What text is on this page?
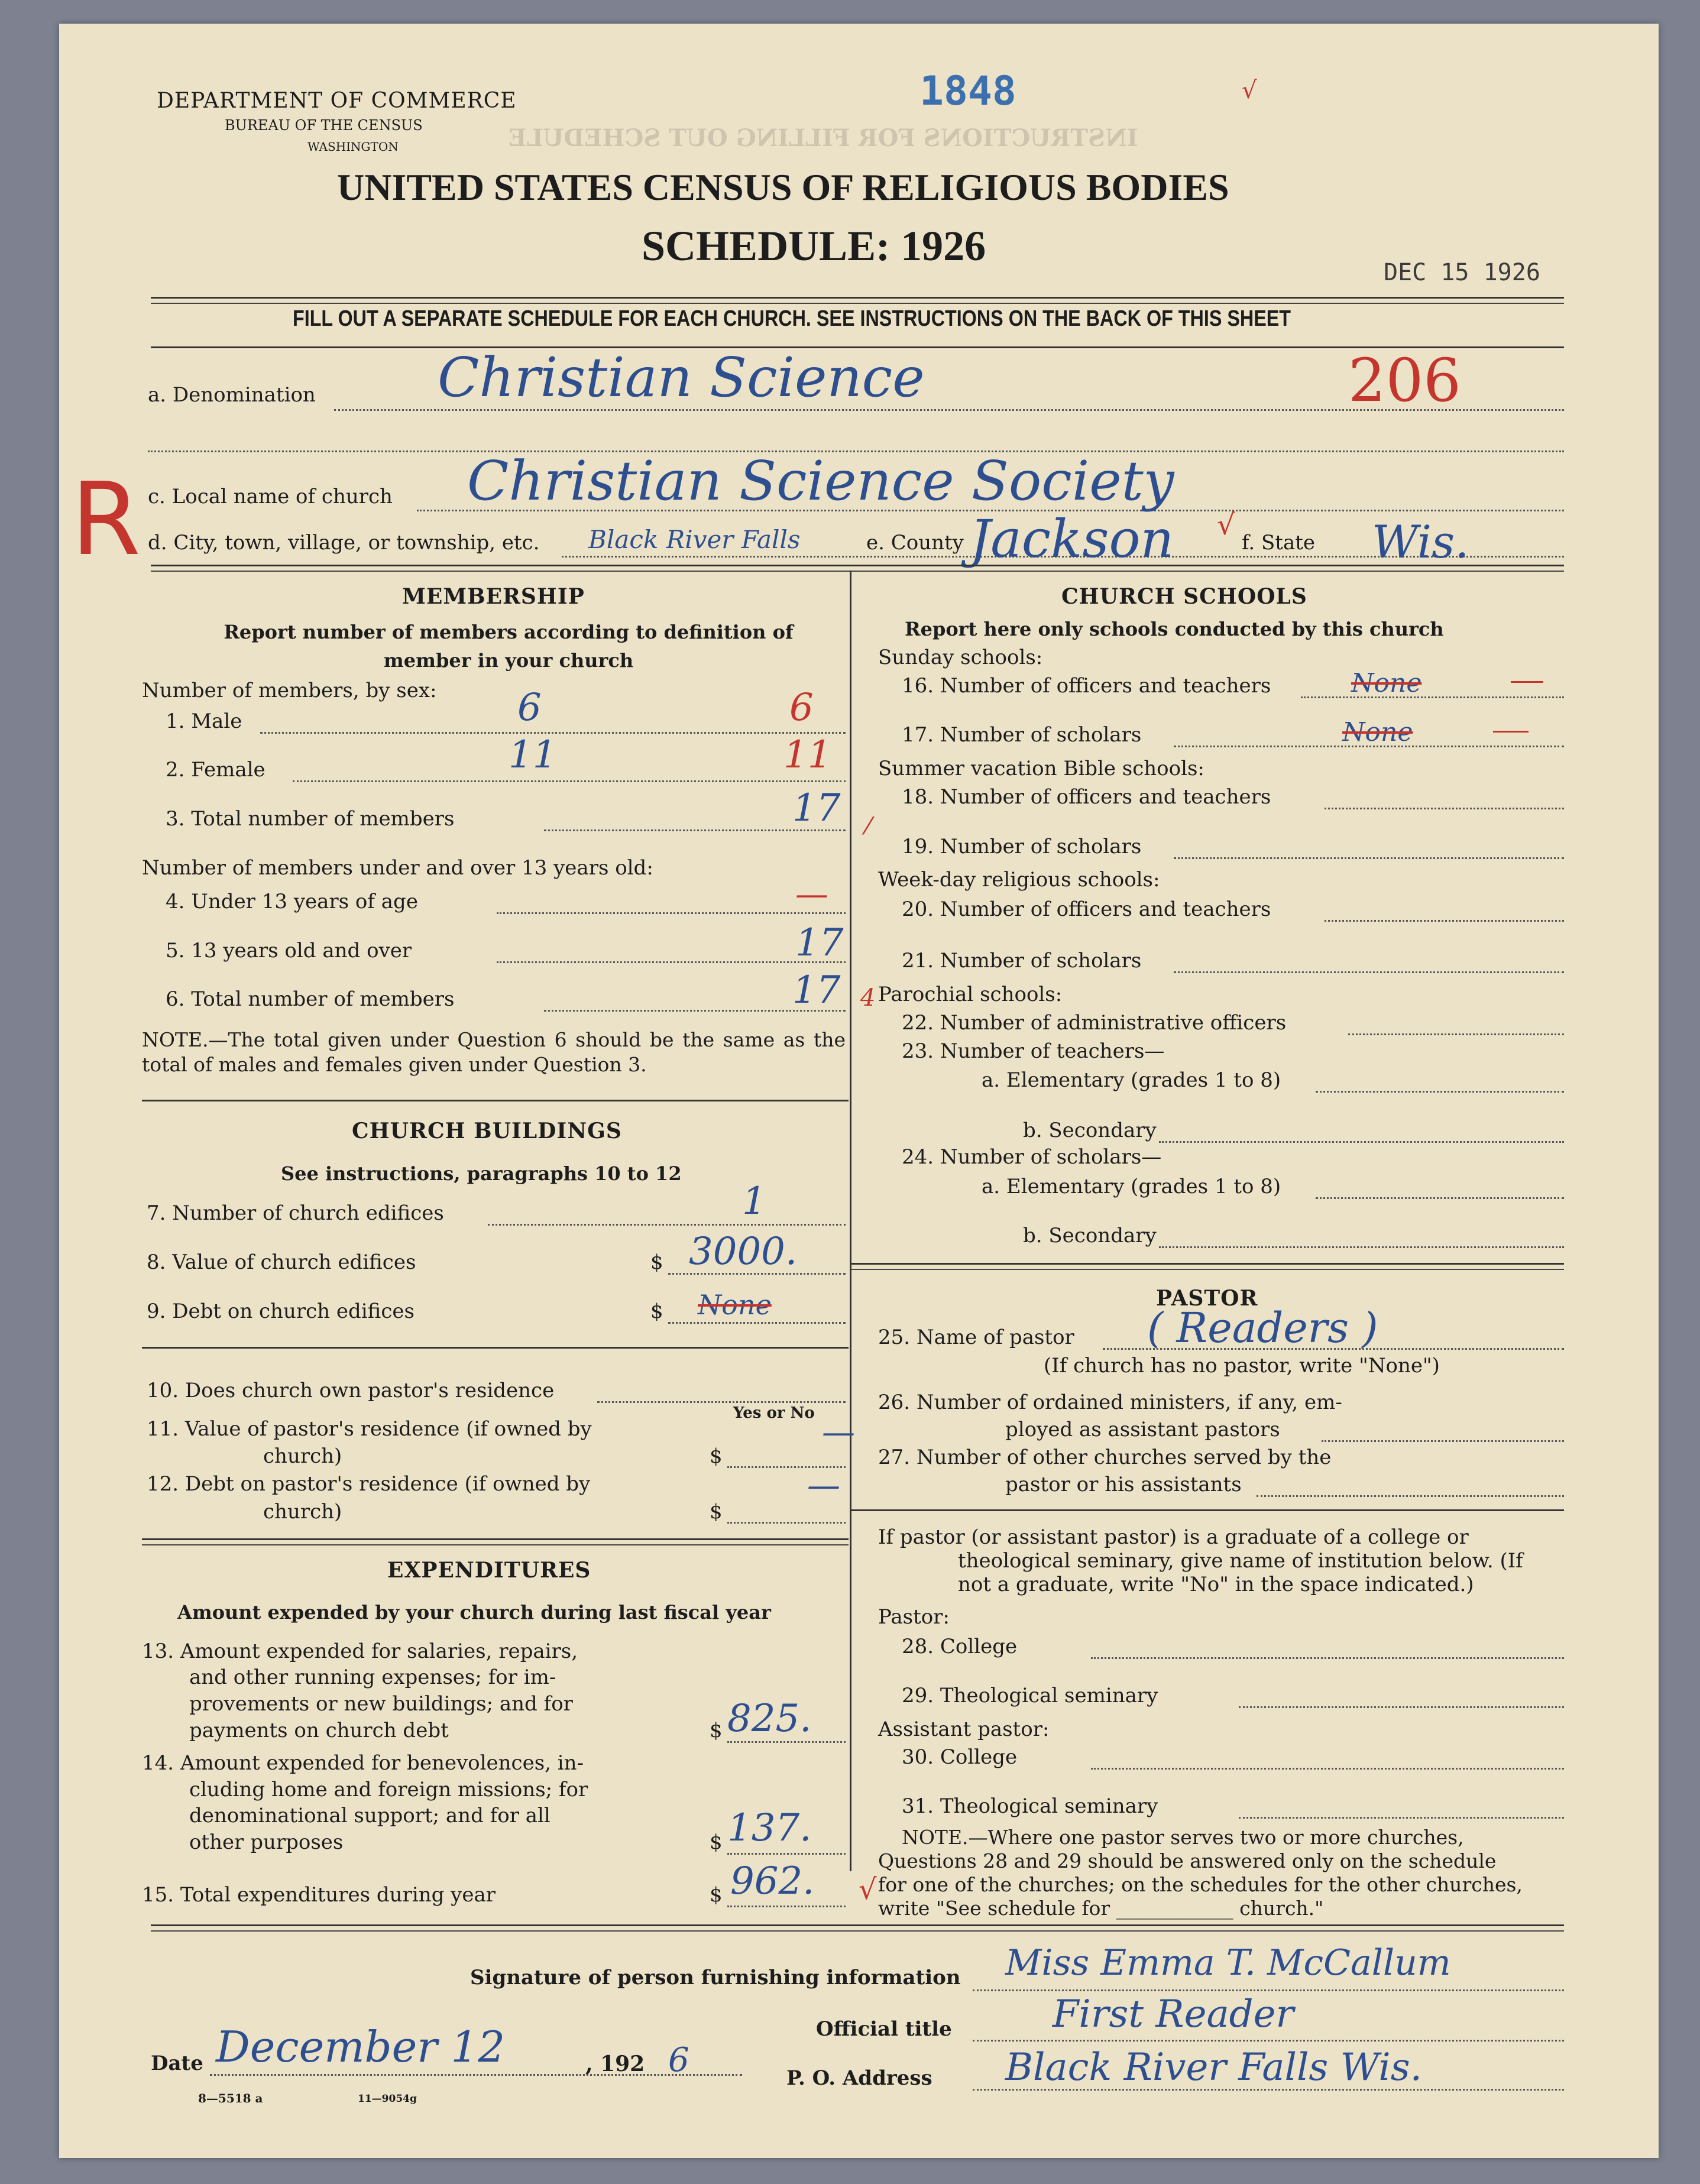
INSTRUCTIONS FOR FILLING OUT SCHEDULE
DEPARTMENT OF COMMERCE
BUREAU OF THE CENSUS
WASHINGTON
1848	√
UNITED STATES CENSUS OF RELIGIOUS BODIES
SCHEDULE: 1926
DEC 15 1926
FILL OUT A SEPARATE SCHEDULE FOR EACH CHURCH. SEE INSTRUCTIONS ON THE BACK OF THIS SHEET
a. Denomination Christian Science	206
R c. Local name of church Christian Science Society
d. City, town, village, or township, etc. Black River Falls	e. County Jackson √
f. State Wis.
MEMBERSHIP
Report number of members according to definition of member in your church
Number of members, by sex:
1. Male	6	6
2. Female	11	11
3. Total number of members	17 ⁄
Number of members under and over 13 years old:
4. Under 13 years of age	—
5. 13 years old and over	17
6. Total number of members	17 4
NOTE.—The total given under Question 6 should be the same as the total of males and females given under Question 3.
CHURCH BUILDINGS
See instructions, paragraphs 10 to 12
7. Number of church edifices	1
8. Value of church edifices	$ 3000.
9. Debt on church edifices	$ None
10. Does church own pastor's residence
Yes or No
11. Value of pastor's residence (if owned by
church)	$
—
12. Debt on pastor's residence (if owned by
church)	$
—
EXPENDITURES
Amount expended by your church during last fiscal year
13. Amount expended for salaries, repairs,
and other running expenses; for im-
provements or new buildings; and for
payments on church debt	$ 825.
14. Amount expended for benevolences, in-
cluding home and foreign missions; for
denominational support; and for all
other purposes	$ 137.
15. Total expenditures during year	$ 962. √
CHURCH SCHOOLS
Report here only schools conducted by this church
Sunday schools:
16. Number of officers and teachers	None
17. Number of scholars	None
Summer vacation Bible schools:
18. Number of officers and teachers
19. Number of scholars
Week-day religious schools:
20. Number of officers and teachers
21. Number of scholars
Parochial schools:
22. Number of administrative officers
23. Number of teachers—
a. Elementary (grades 1 to 8)
b. Secondary
24. Number of scholars—
a. Elementary (grades 1 to 8)
b. Secondary
PASTOR
25. Name of pastor ( Readers )
(If church has no pastor, write "None")
26. Number of ordained ministers, if any, em-
ployed as assistant pastors
27. Number of other churches served by the
pastor or his assistants
If pastor (or assistant pastor) is a graduate of a college or
theological seminary, give name of institution below. (If
not a graduate, write "No" in the space indicated.)
Pastor:
28. College
29. Theological seminary
Assistant pastor:
30. College
31. Theological seminary
NOTE.—Where one pastor serves two or more churches,
Questions 28 and 29 should be answered only on the schedule
for one of the churches; on the schedules for the other churches,
write "See schedule for ____________ church."
Signature of person furnishing information Miss Emma T. McCallum
Official title	First Reader
Date December 12	, 192 6	P. O. Address Black River Falls Wis.
8—5518 a	11—9054g
